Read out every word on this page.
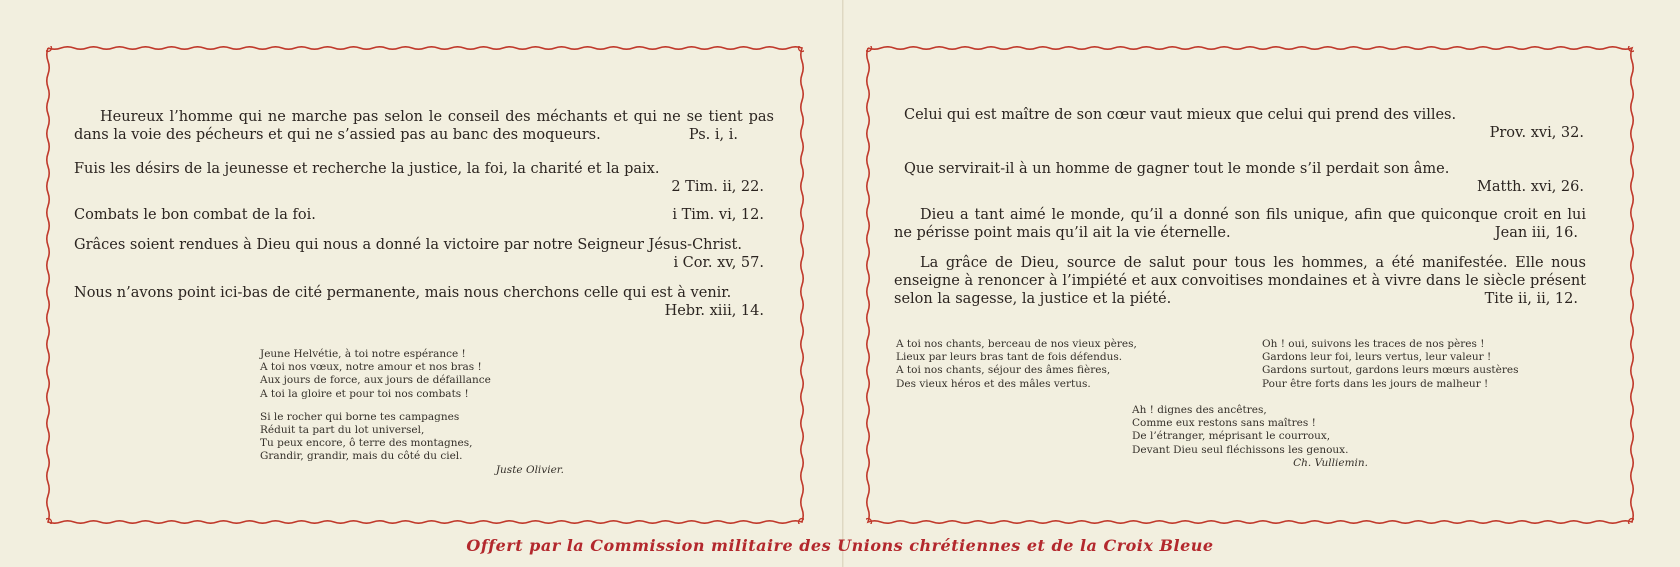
Heureux l’homme qui ne marche pas selon le conseil des méchants et qui ne se tient pas dans la voie des pécheurs et qui ne s’assied pas au banc des moqueurs.	Ps. i, i.
Fuis les désirs de la jeunesse et recherche la justice, la foi, la charité et la paix.
2 Tim. ii, 22.
Combats le bon combat de la foi.	i Tim. vi, 12.
Grâces soient rendues à Dieu qui nous a donné la victoire par notre Seigneur Jésus-Christ.
i Cor. xv, 57.
Nous n’avons point ici-bas de cité permanente, mais nous cherchons celle qui est à venir.
Hebr. xiii, 14.
Jeune Helvétie, à toi notre espérance !
A toi nos vœux, notre amour et nos bras !
Aux jours de force, aux jours de défaillance
A toi la gloire et pour toi nos combats !
Si le rocher qui borne tes campagnes
Réduit ta part du lot universel,
Tu peux encore, ô terre des montagnes,
Grandir, grandir, mais du côté du ciel.
Juste Olivier.
Celui qui est maître de son cœur vaut mieux que celui qui prend des villes.
Prov. xvi, 32.
Que servirait-il à un homme de gagner tout le monde s’il perdait son âme.
Matth. xvi, 26.
Dieu a tant aimé le monde, qu’il a donné son fils unique, afin que quiconque croit en lui ne périsse point mais qu’il ait la vie éternelle.	Jean iii, 16.
La grâce de Dieu, source de salut pour tous les hommes, a été manifestée. Elle nous enseigne à renoncer à l’impiété et aux convoitises mondaines et à vivre dans le siècle présent selon la sagesse, la justice et la piété.	Tite ii, ii, 12.
A toi nos chants, berceau de nos vieux pères,
Lieux par leurs bras tant de fois défendus.
A toi nos chants, séjour des âmes fières,
Des vieux héros et des mâles vertus.
Oh ! oui, suivons les traces de nos pères !
Gardons leur foi, leurs vertus, leur valeur !
Gardons surtout, gardons leurs mœurs austères
Pour être forts dans les jours de malheur !
Ah ! dignes des ancêtres,
Comme eux restons sans maîtres !
De l’étranger, méprisant le courroux,
Devant Dieu seul fléchissons les genoux.
Ch. Vulliemin.
Offert par la Commission militaire des Unions chrétiennes et de la Croix Bleue
